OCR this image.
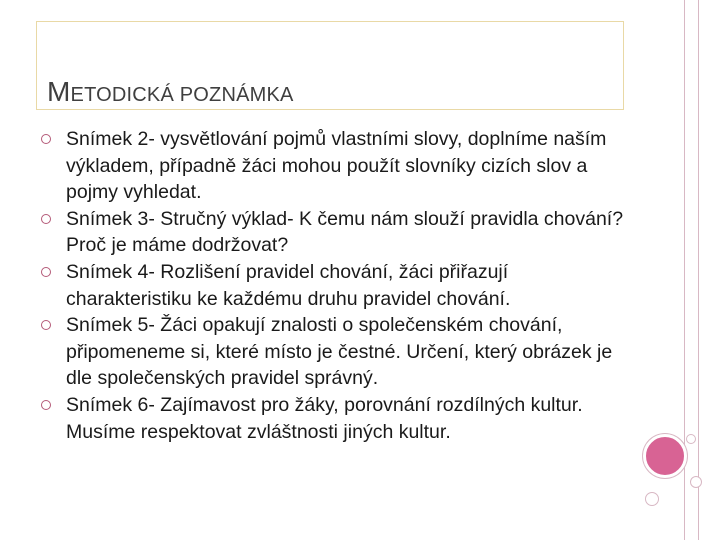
METODICKÁ POZNÁMKA
Snímek 2- vysvětlování pojmů vlastními slovy, doplníme naším výkladem, případně žáci mohou použít slovníky cizích slov a pojmy vyhledat.
Snímek 3- Stručný výklad- K čemu nám slouží pravidla chování? Proč je máme dodržovat?
Snímek 4- Rozlišení pravidel chování, žáci přiřazují charakteristiku ke každému druhu pravidel chování.
Snímek 5- Žáci opakují znalosti o společenském chování, připomeneme si, které místo je čestné. Určení, který obrázek je dle společenských pravidel správný.
Snímek 6- Zajímavost pro žáky, porovnání rozdílných kultur. Musíme respektovat zvláštnosti jiných kultur.
